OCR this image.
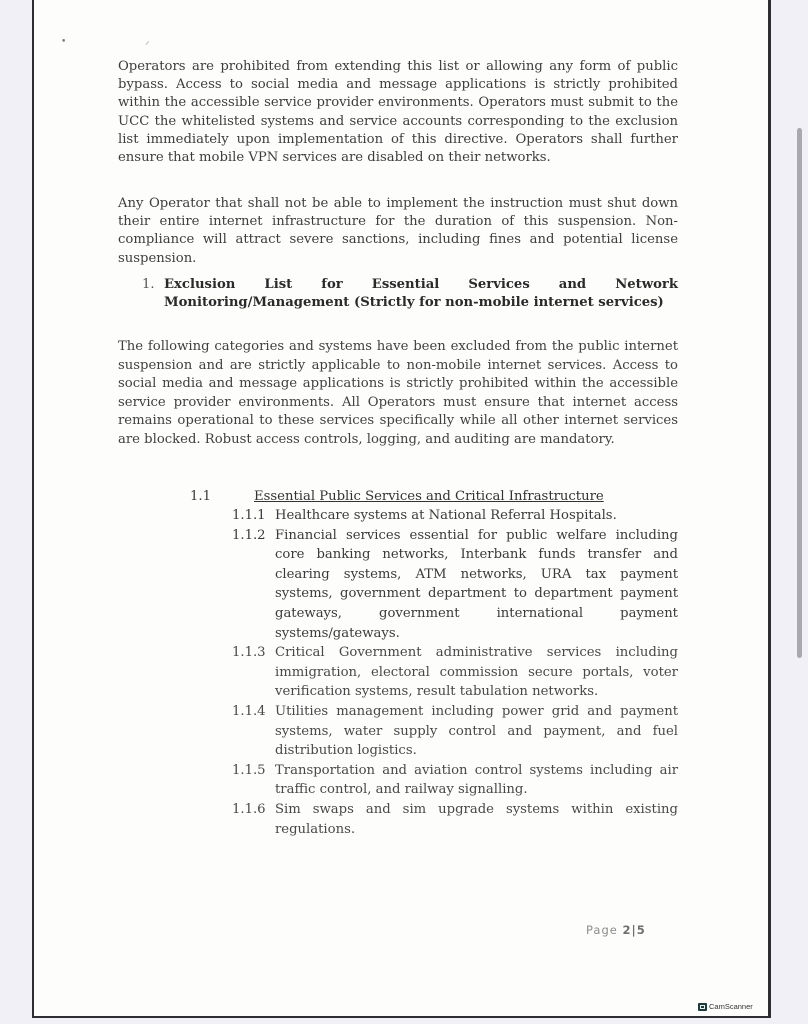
• ⸝

Operators are prohibited from extending this list or allowing any form of public bypass. Access to social media and message applications is strictly prohibited within the accessible service provider environments. Operators must submit to the UCC the whitelisted systems and service accounts corresponding to the exclusion list immediately upon implementation of this directive. Operators shall further ensure that mobile VPN services are disabled on their networks.

Any Operator that shall not be able to implement the instruction must shut down their entire internet infrastructure for the duration of this suspension. Non-compliance will attract severe sanctions, including fines and potential license suspension.

1. Exclusion List for Essential Services and Network Monitoring/Management (Strictly for non-mobile internet services)

The following categories and systems have been excluded from the public internet suspension and are strictly applicable to non-mobile internet services. Access to social media and message applications is strictly prohibited within the accessible service provider environments. All Operators must ensure that internet access remains operational to these services specifically while all other internet services are blocked. Robust access controls, logging, and auditing are mandatory.

1.1	Essential Public Services and Critical Infrastructure
1.1.1 Healthcare systems at National Referral Hospitals.
1.1.2 Financial services essential for public welfare including core banking networks, Interbank funds transfer and clearing systems, ATM networks, URA tax payment systems, government department to department payment gateways, government international payment systems/gateways.
1.1.3 Critical Government administrative services including immigration, electoral commission secure portals, voter verification systems, result tabulation networks.
1.1.4 Utilities management including power grid and payment systems, water supply control and payment, and fuel distribution logistics.
1.1.5 Transportation and aviation control systems including air traffic control, and railway signalling.
1.1.6 Sim swaps and sim upgrade systems within existing regulations.
Page 2|5
CamScanner
